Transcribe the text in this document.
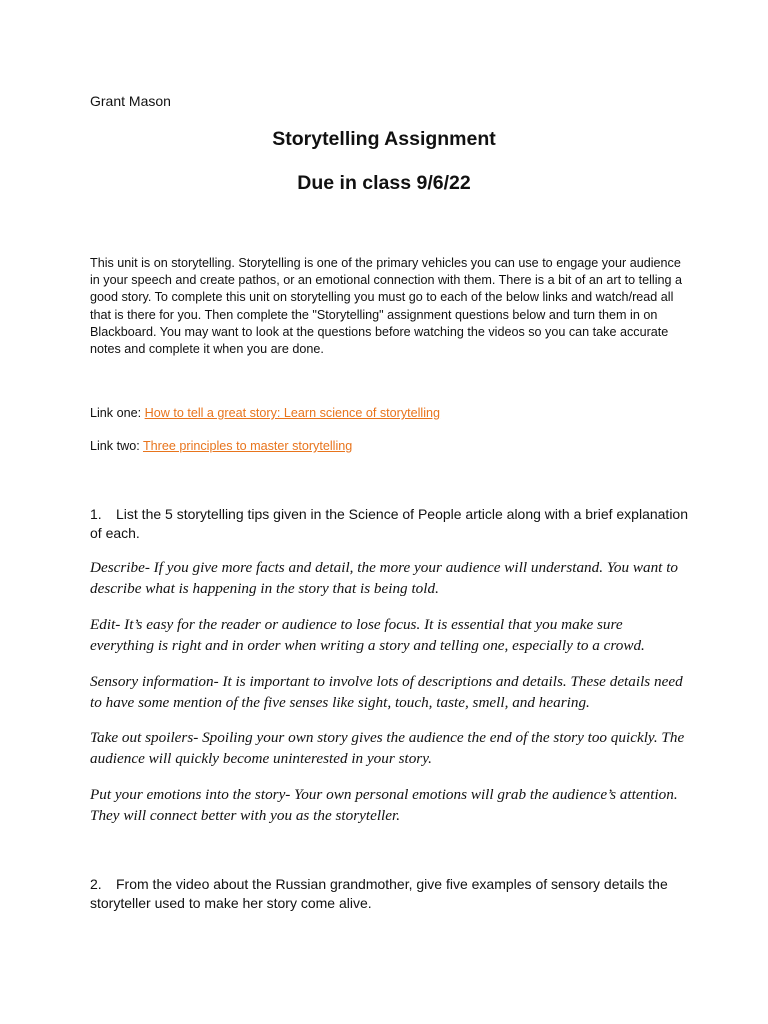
Grant Mason
Storytelling Assignment
Due in class 9/6/22

This unit is on storytelling. Storytelling is one of the primary vehicles you can use to engage your audience in your speech and create pathos, or an emotional connection with them. There is a bit of an art to telling a good story. To complete this unit on storytelling you must go to each of the below links and watch/read all that is there for you. Then complete the "Storytelling" assignment questions below and turn them in on Blackboard. You may want to look at the questions before watching the videos so you can take accurate notes and complete it when you are done.

Link one: How to tell a great story: Learn science of storytelling
Link two: Three principles to master storytelling

1. List the 5 storytelling tips given in the Science of People article along with a brief explanation of each.

Describe- If you give more facts and detail, the more your audience will understand. You want to describe what is happening in the story that is being told.

Edit- It’s easy for the reader or audience to lose focus. It is essential that you make sure everything is right and in order when writing a story and telling one, especially to a crowd.

Sensory information- It is important to involve lots of descriptions and details. These details need to have some mention of the five senses like sight, touch, taste, smell, and hearing.

Take out spoilers- Spoiling your own story gives the audience the end of the story too quickly. The audience will quickly become uninterested in your story.

Put your emotions into the story- Your own personal emotions will grab the audience’s attention. They will connect better with you as the storyteller.

2. From the video about the Russian grandmother, give five examples of sensory details the storyteller used to make her story come alive.
